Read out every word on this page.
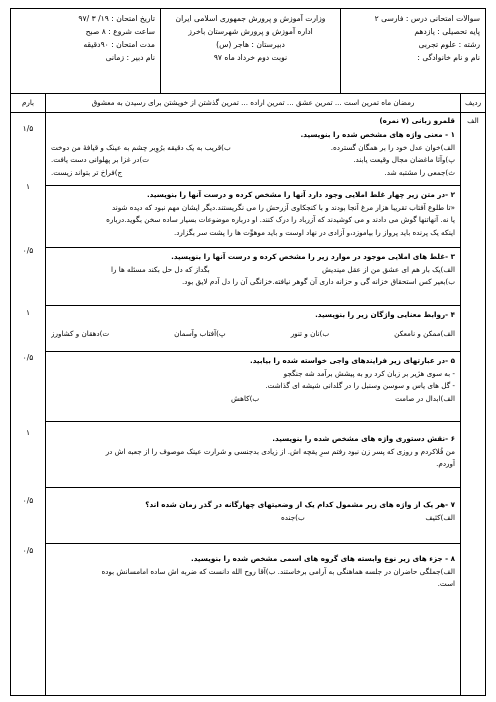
تاریخ امتحان : ۱۹/ ۳ /۹۷
ساعت شروع : ۸ صبح
مدت امتحان : ۹۰دقیقه
نام دبیر : زمانی
وزارت آموزش و پرورش جمهوری اسلامی ایران
اداره آموزش و پرورش شهرستان باخرز
دبیرستان : هاجر (س)
نوبت دوم خرداد ماه ۹۷
سوالات امتحانی درس : فارسی ۲
پایه تحصیلی : یازدهم
رشته : علوم تجربی
نام و نام خانوادگی :
بارم	رمضان ماه تمرین است ... تمرین عشق ... تمرین اراده ... تمرین گذشتن از خویشتن برای رسیدن به معشوق	ردیف
۱/۵
۱
۰/۵
۱
۰/۵
۱
۰/۵
۰/۵
الف
قلمرو زبانی (۷ نمره)
۱ - معنی واژه های مشخص شده را بنویسید.
الف)خوان عدل خود را بر همگان گسترده.
ب)قریب به یک دقیقه برُوِبر چشم به عینک و قیافهٔ من دوخت
پ)وآثا ماغضان مجال وقیعت یابند.
ت)در غزا بر پهلوانی دست یافت.
ث)جمعی را مشتبه شد.
ج)فراخ تر بتواند زیست.
۲ -در متن زیر چهار غلط املایی وجود دارد آنها را مشخص کرده و درست آنها را بنویسید.
«تا طلوع آفتاب تقریبا هزار مرغ آنجا بودند و با کنجکاوی آزرحش را می نگریستند.دیگر ایشان مهم نبود که دیده شوند
یا نه. آنهاتنها گوش می دادند و می کوشیدند که آزرباد را درک کنند. او درباره موضوعات بسیار ساده سخن بگوید.درباره
اینکه یک پرنده باید پرواز را بیاموزد،و آزادی در نهاد اوست و باید موهوِّت ها را پشت سر بگزارد.
۳ -غلط های املایی موجود در موارد زیر را مشخص کرده و درست آنها را بنویسید.
الف)یک بار هم ای عشق من از عقل میندیش
بگداز که دل حل بکند مسئله ها را
ب)بعیر کس استحقاق خزانه گی و حزانه داری آن گوهر نیافته.خزانگی آن را دل آدم لایق بود.
۴ -روابط معنایی واژگان زیر را بنویسید.
الف)ممکن و نامعکن
ب)نان و تنور
پ)آفتاب وآسمان
ت)دهقان و کشاورز
۵ -در عبارتهای زیر فرایندهای واجی خواسته شده را بیابید.
- به سوی هژیر بر زبان کرد رو به پیشش برآمد شه جنگجو
- گل های یاس و سوسن وسنبل را در گلدانی شیشه ای گذاشت.
الف)ابدال در صامت
ب)کاهش
۶ -نقش دستوری واژه های مشخص شده را بنویسید.
من فُلاکردم و روزی که پسر زن نبود رفتم سرِ یقچه اش. از زیادی بدجنسی و شرارت عینک موصوف را از جعبه اش در
آوردم.
۷ -هر یک از واژه های زیر مشمول کدام یک از وضعیتهای چهارگانه در گذر زمان شده اند؟
الف)کثیف
ب)جنده
۸ - جزء های زیر نوع وابسته های گروه های اسمی مشخص شده را بنویسید.
الف)جملگی حاضران در جلسه هماهنگی به آرامی برخاستند. ب)آقا روح الله دانست که ضربه اش ساده امامسانش بوده
است.
